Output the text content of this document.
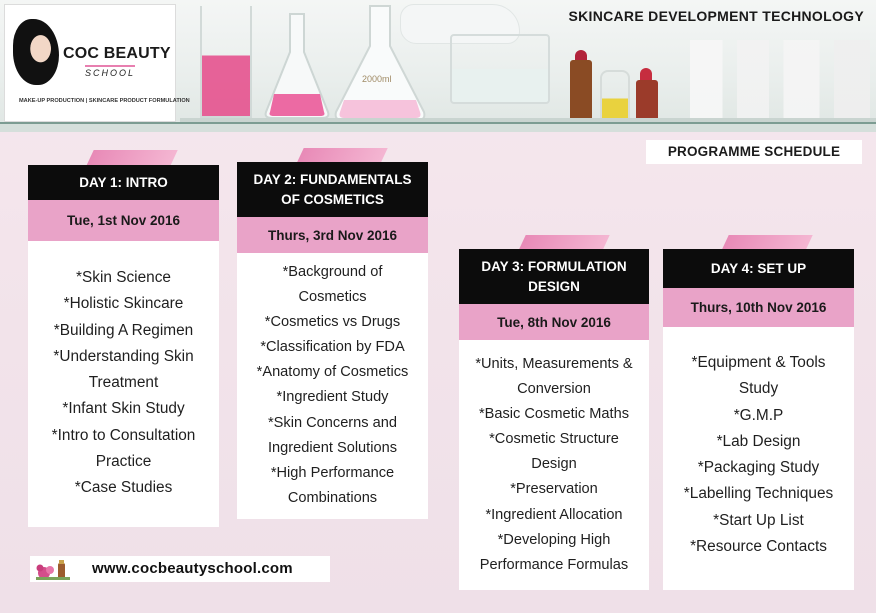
2000ml
COC BEAUTY
SCHOOL
MAKE-UP PRODUCTION | SKINCARE PRODUCT FORMULATION
SKINCARE DEVELOPMENT TECHNOLOGY
PROGRAMME SCHEDULE
DAY 1: INTRO
Tue, 1st Nov 2016
*Skin Science
*Holistic Skincare
*Building A Regimen
*Understanding Skin
Treatment
*Infant Skin Study
*Intro to Consultation
Practice
*Case Studies
DAY 2: FUNDAMENTALS OF COSMETICS
Thurs, 3rd Nov 2016
*Background of
Cosmetics
*Cosmetics vs Drugs
*Classification by FDA
*Anatomy of Cosmetics
*Ingredient Study
*Skin Concerns and
Ingredient Solutions
*High Performance
Combinations
DAY 3: FORMULATION DESIGN
Tue, 8th Nov 2016
*Units, Measurements &
Conversion
*Basic Cosmetic Maths
*Cosmetic Structure
Design
*Preservation
*Ingredient Allocation
*Developing High
Performance Formulas
DAY 4: SET UP
Thurs, 10th Nov 2016
*Equipment & Tools
Study
*G.M.P
*Lab Design
*Packaging Study
*Labelling Techniques
*Start Up List
*Resource Contacts
www.cocbeautyschool.com
